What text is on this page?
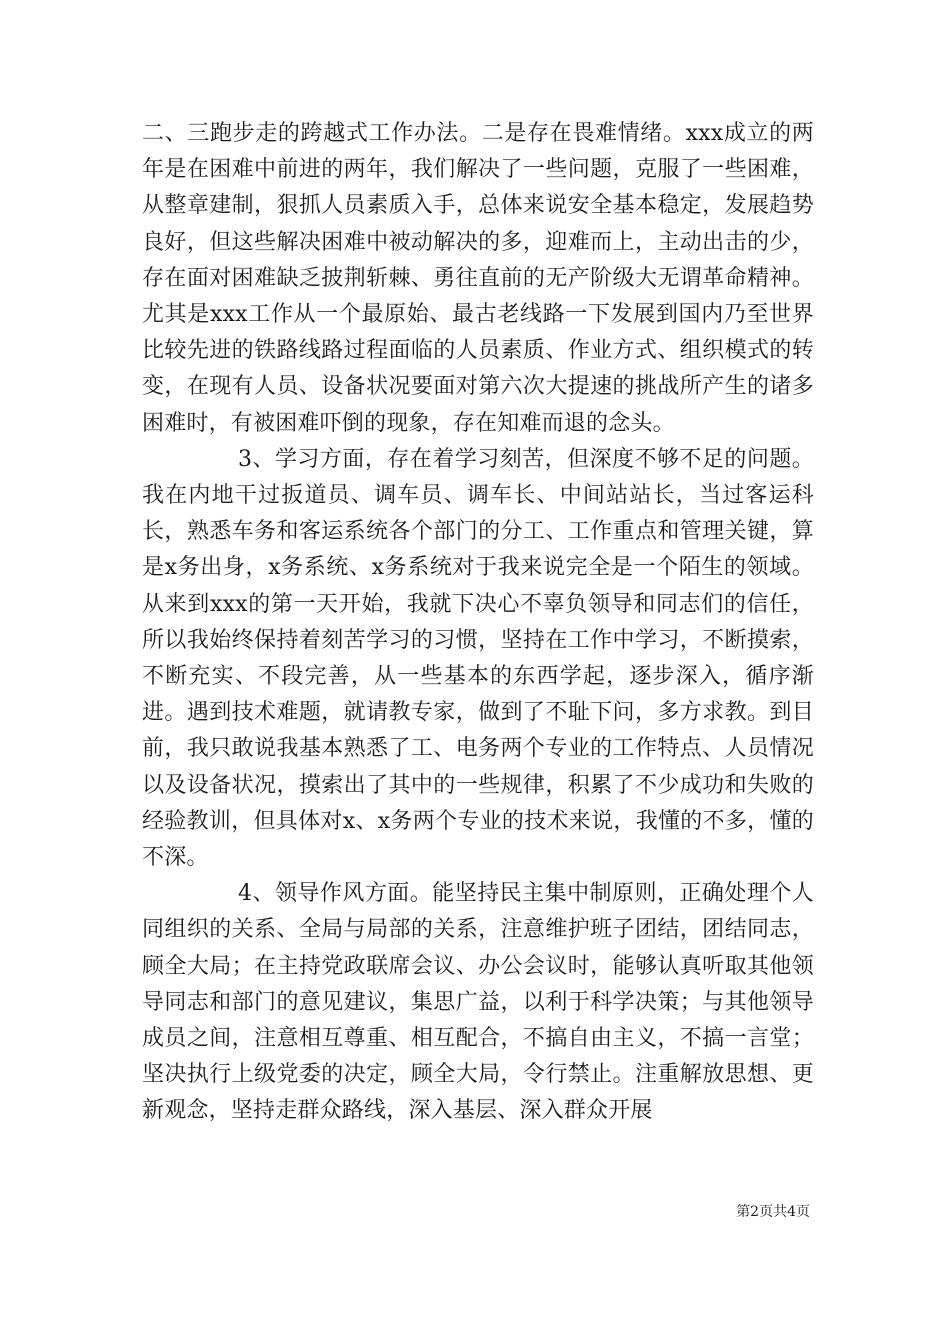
二、三跑步走的跨越式工作办法。二是存在畏难情绪。xxx成立的两年是在困难中前进的两年，我们解决了一些问题，克服了一些困难，从整章建制，狠抓人员素质入手，总体来说安全基本稳定，发展趋势良好，但这些解决困难中被动解决的多，迎难而上，主动出击的少，存在面对困难缺乏披荆斩棘、勇往直前的无产阶级大无谓革命精神。尤其是xxx工作从一个最原始、最古老线路一下发展到国内乃至世界比较先进的铁路线路过程面临的人员素质、作业方式、组织模式的转变，在现有人员、设备状况要面对第六次大提速的挑战所产生的诸多困难时，有被困难吓倒的现象，存在知难而退的念头。

3、学习方面，存在着学习刻苦，但深度不够不足的问题。我在内地干过扳道员、调车员、调车长、中间站站长，当过客运科长，熟悉车务和客运系统各个部门的分工、工作重点和管理关键，算是x务出身，x务系统、x务系统对于我来说完全是一个陌生的领域。从来到xxx的第一天开始，我就下决心不辜负领导和同志们的信任，所以我始终保持着刻苦学习的习惯，坚持在工作中学习，不断摸索，不断充实、不段完善，从一些基本的东西学起，逐步深入，循序渐进。遇到技术难题，就请教专家，做到了不耻下问，多方求教。到目前，我只敢说我基本熟悉了工、电务两个专业的工作特点、人员情况以及设备状况，摸索出了其中的一些规律，积累了不少成功和失败的经验教训，但具体对x、x务两个专业的技术来说，我懂的不多，懂的不深。

4、领导作风方面。能坚持民主集中制原则，正确处理个人同组织的关系、全局与局部的关系，注意维护班子团结，团结同志，顾全大局；在主持党政联席会议、办公会议时，能够认真听取其他领导同志和部门的意见建议，集思广益，以利于科学决策；与其他领导成员之间，注意相互尊重、相互配合，不搞自由主义，不搞一言堂；坚决执行上级党委的决定，顾全大局，令行禁止。注重解放思想、更新观念，坚持走群众路线，深入基层、深入群众开展

第2页共4页
